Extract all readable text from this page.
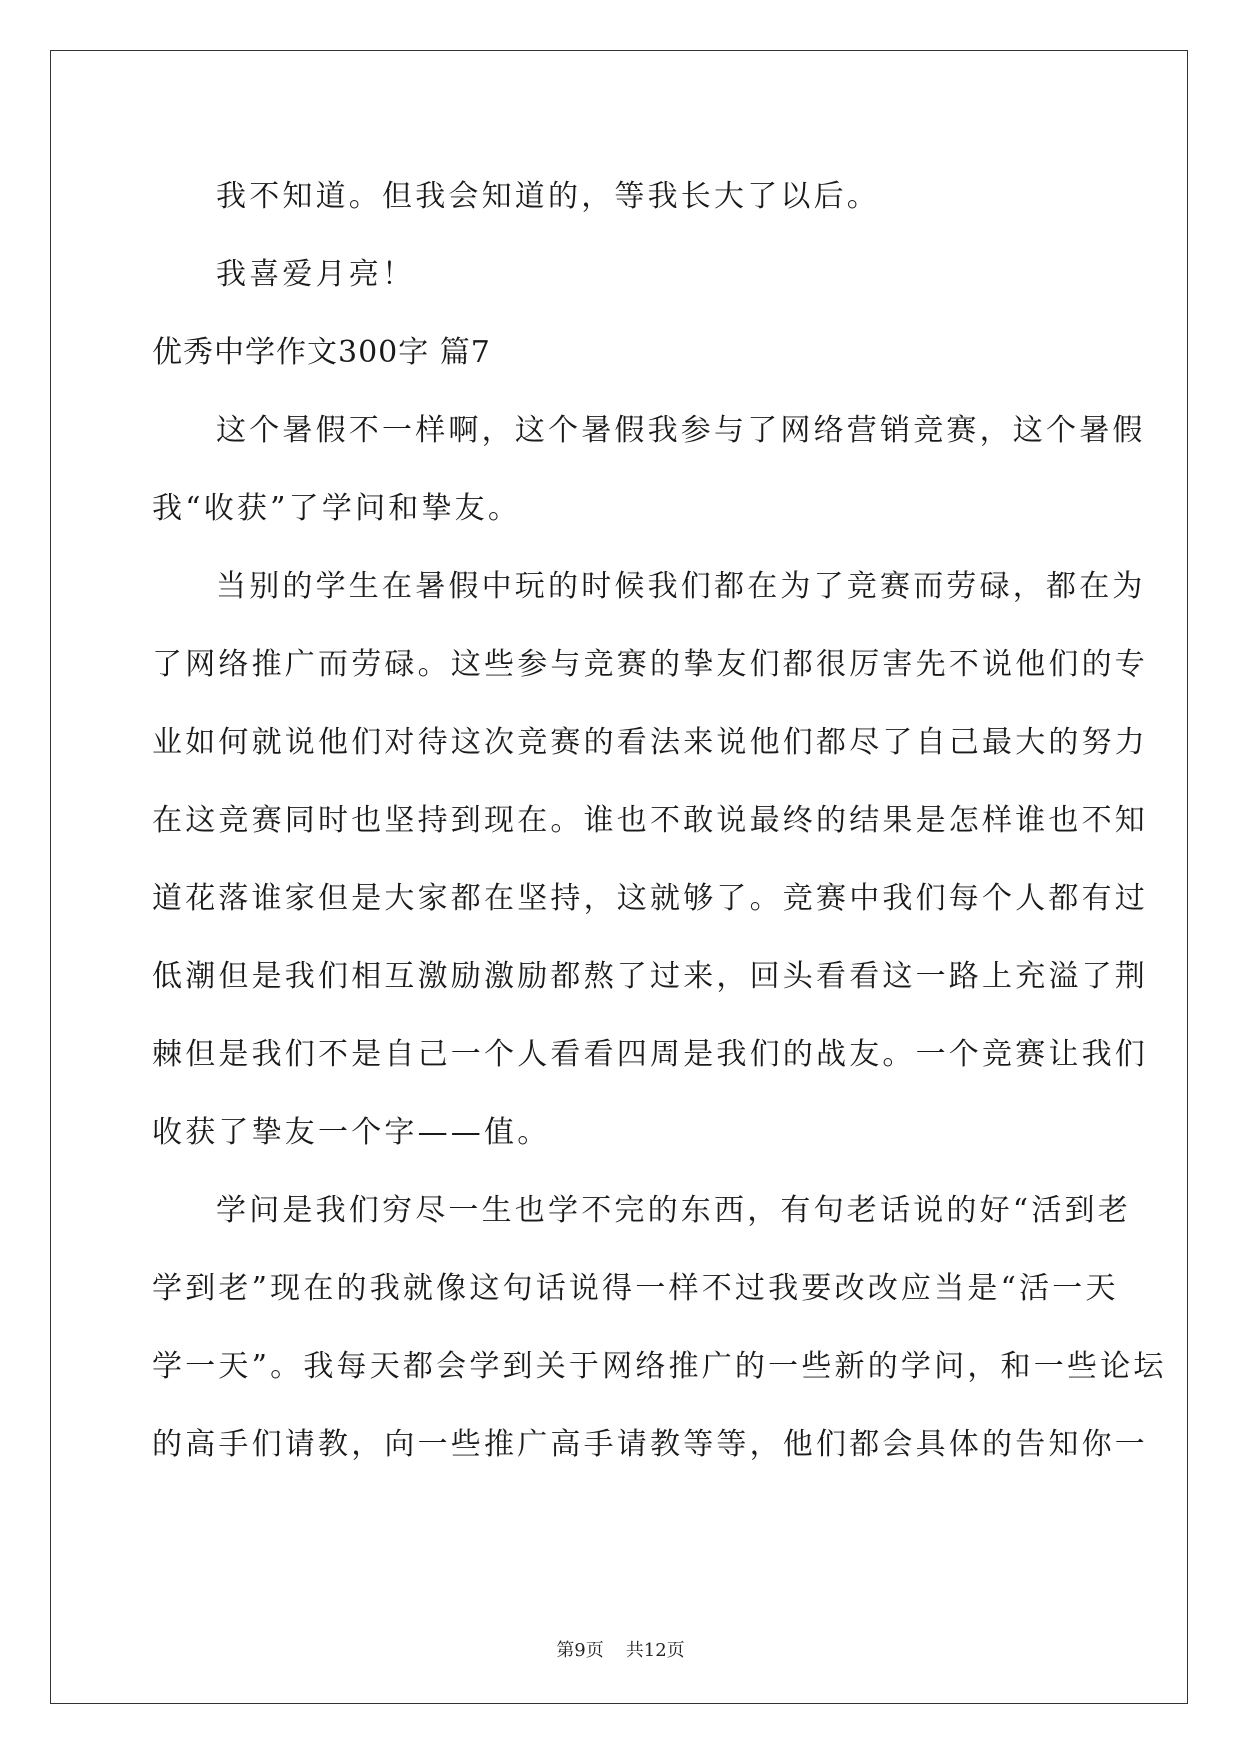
我不知道。但我会知道的，等我长大了以后。
我喜爱月亮！
优秀中学作文300字 篇7
这个暑假不一样啊，这个暑假我参与了网络营销竞赛，这个暑假
我“收获”了学问和挚友。
当别的学生在暑假中玩的时候我们都在为了竞赛而劳碌，都在为
了网络推广而劳碌。这些参与竞赛的挚友们都很厉害先不说他们的专
业如何就说他们对待这次竞赛的看法来说他们都尽了自己最大的努力
在这竞赛同时也坚持到现在。谁也不敢说最终的结果是怎样谁也不知
道花落谁家但是大家都在坚持，这就够了。竞赛中我们每个人都有过
低潮但是我们相互激励激励都熬了过来，回头看看这一路上充溢了荆
棘但是我们不是自己一个人看看四周是我们的战友。一个竞赛让我们
收获了挚友一个字——值。
学问是我们穷尽一生也学不完的东西，有句老话说的好“活到老
学到老”现在的我就像这句话说得一样不过我要改改应当是“活一天
学一天”。我每天都会学到关于网络推广的一些新的学问，和一些论坛
的高手们请教，向一些推广高手请教等等，他们都会具体的告知你一
第9页 共12页
